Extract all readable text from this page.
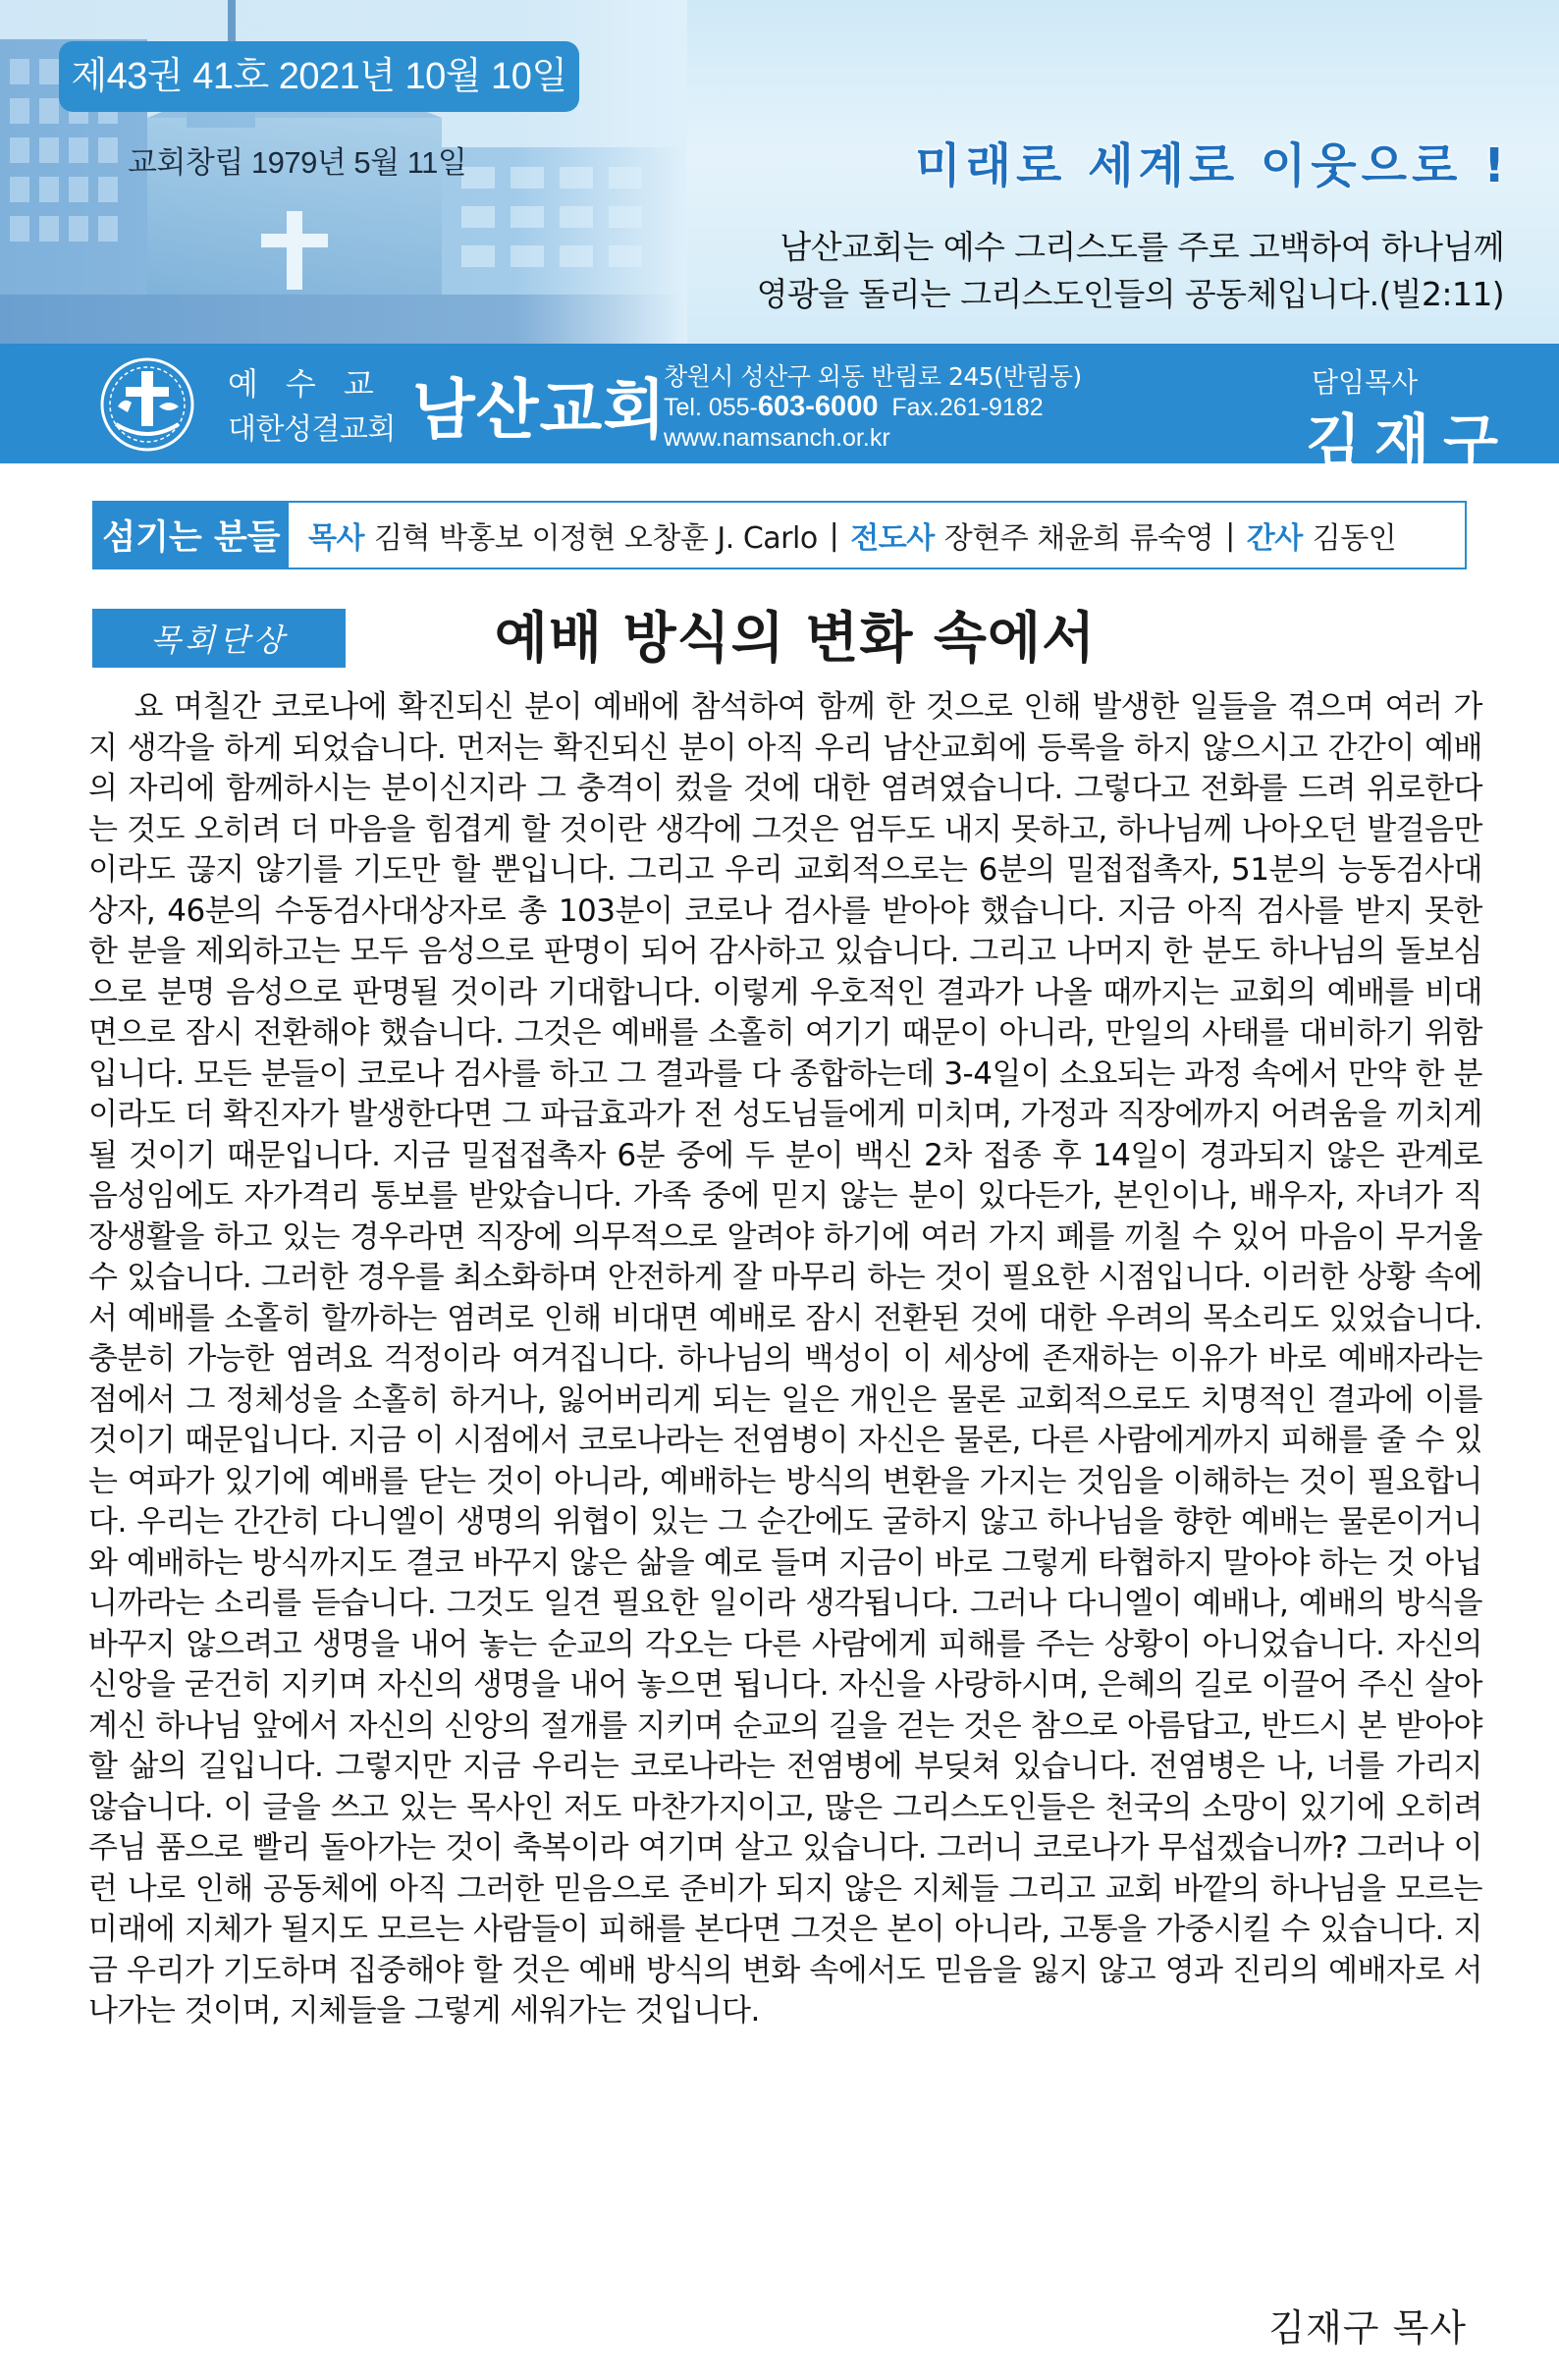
제43권 41호 2021년 10월 10일
교회창립 1979년 5월 11일	미래로 세계로 이웃으로 !
남산교회는 예수 그리스도를 주로 고백하여 하나님께
영광을 돌리는 그리스도인들의 공동체입니다.(빌2:11)
예수교
대한성결교회 남산교회
창원시 성산구 외동 반림로 245(반림동)
Tel. 055-603-6000 Fax.261-9182
www.namsanch.or.kr
담임목사
김재구
섬기는 분들 목사 김혁 박홍보 이정현 오창훈 J. Carlo | 전도사 장현주 채윤희 류숙영 | 간사 김동인
목회단상	예배 방식의 변화 속에서
요 며칠간 코로나에 확진되신 분이 예배에 참석하여 함께 한 것으로 인해 발생한 일들을 겪으며 여러 가지 생각을 하게 되었습니다. 먼저는 확진되신 분이 아직 우리 남산교회에 등록을 하지 않으시고 간간이 예배의 자리에 함께하시는 분이신지라 그 충격이 컸을 것에 대한 염려였습니다. 그렇다고 전화를 드려 위로한다는 것도 오히려 더 마음을 힘겹게 할 것이란 생각에 그것은 엄두도 내지 못하고, 하나님께 나아오던 발걸음만이라도 끊지 않기를 기도만 할 뿐입니다. 그리고 우리 교회적으로는 6분의 밀접접촉자, 51분의 능동검사대상자, 46분의 수동검사대상자로 총 103분이 코로나 검사를 받아야 했습니다. 지금 아직 검사를 받지 못한 한 분을 제외하고는 모두 음성으로 판명이 되어 감사하고 있습니다. 그리고 나머지 한 분도 하나님의 돌보심으로 분명 음성으로 판명될 것이라 기대합니다. 이렇게 우호적인 결과가 나올 때까지는 교회의 예배를 비대면으로 잠시 전환해야 했습니다. 그것은 예배를 소홀히 여기기 때문이 아니라, 만일의 사태를 대비하기 위함입니다. 모든 분들이 코로나 검사를 하고 그 결과를 다 종합하는데 3-4일이 소요되는 과정 속에서 만약 한 분이라도 더 확진자가 발생한다면 그 파급효과가 전 성도님들에게 미치며, 가정과 직장에까지 어려움을 끼치게 될 것이기 때문입니다. 지금 밀접접촉자 6분 중에 두 분이 백신 2차 접종 후 14일이 경과되지 않은 관계로 음성임에도 자가격리 통보를 받았습니다. 가족 중에 믿지 않는 분이 있다든가, 본인이나, 배우자, 자녀가 직장생활을 하고 있는 경우라면 직장에 의무적으로 알려야 하기에 여러 가지 폐를 끼칠 수 있어 마음이 무거울 수 있습니다. 그러한 경우를 최소화하며 안전하게 잘 마무리 하는 것이 필요한 시점입니다. 이러한 상황 속에서 예배를 소홀히 할까하는 염려로 인해 비대면 예배로 잠시 전환된 것에 대한 우려의 목소리도 있었습니다. 충분히 가능한 염려요 걱정이라 여겨집니다. 하나님의 백성이 이 세상에 존재하는 이유가 바로 예배자라는 점에서 그 정체성을 소홀히 하거나, 잃어버리게 되는 일은 개인은 물론 교회적으로도 치명적인 결과에 이를 것이기 때문입니다. 지금 이 시점에서 코로나라는 전염병이 자신은 물론, 다른 사람에게까지 피해를 줄 수 있는 여파가 있기에 예배를 닫는 것이 아니라, 예배하는 방식의 변환을 가지는 것임을 이해하는 것이 필요합니다. 우리는 간간히 다니엘이 생명의 위협이 있는 그 순간에도 굴하지 않고 하나님을 향한 예배는 물론이거니와 예배하는 방식까지도 결코 바꾸지 않은 삶을 예로 들며 지금이 바로 그렇게 타협하지 말아야 하는 것 아닙니까라는 소리를 듣습니다. 그것도 일견 필요한 일이라 생각됩니다. 그러나 다니엘이 예배나, 예배의 방식을 바꾸지 않으려고 생명을 내어 놓는 순교의 각오는 다른 사람에게 피해를 주는 상황이 아니었습니다. 자신의 신앙을 굳건히 지키며 자신의 생명을 내어 놓으면 됩니다. 자신을 사랑하시며, 은혜의 길로 이끌어 주신 살아계신 하나님 앞에서 자신의 신앙의 절개를 지키며 순교의 길을 걷는 것은 참으로 아름답고, 반드시 본 받아야 할 삶의 길입니다. 그렇지만 지금 우리는 코로나라는 전염병에 부딪쳐 있습니다. 전염병은 나, 너를 가리지 않습니다. 이 글을 쓰고 있는 목사인 저도 마찬가지이고, 많은 그리스도인들은 천국의 소망이 있기에 오히려 주님 품으로 빨리 돌아가는 것이 축복이라 여기며 살고 있습니다. 그러니 코로나가 무섭겠습니까? 그러나 이런 나로 인해 공동체에 아직 그러한 믿음으로 준비가 되지 않은 지체들 그리고 교회 바깥의 하나님을 모르는 미래에 지체가 될지도 모르는 사람들이 피해를 본다면 그것은 본이 아니라, 고통을 가중시킬 수 있습니다. 지금 우리가 기도하며 집중해야 할 것은 예배 방식의 변화 속에서도 믿음을 잃지 않고 영과 진리의 예배자로 서 나가는 것이며, 지체들을 그렇게 세워가는 것입니다.
김재구 목사
